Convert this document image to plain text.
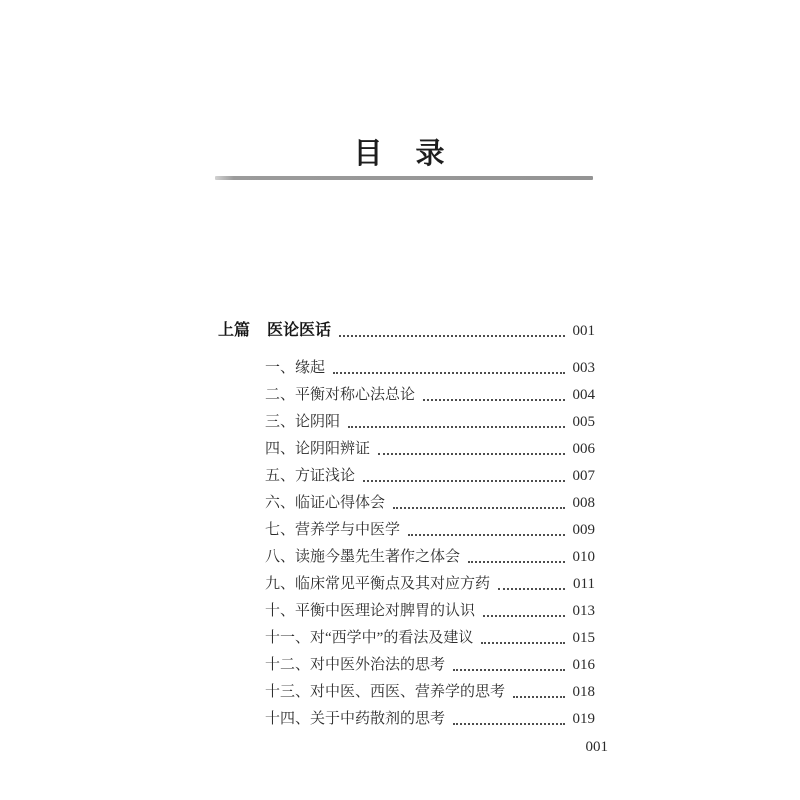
目　录
上篇 医论医话	001
一、缘起	003
二、平衡对称心法总论	004
三、论阴阳	005
四、论阴阳辨证	006
五、方证浅论	007
六、临证心得体会	008
七、营养学与中医学	009
八、读施今墨先生著作之体会	010
九、临床常见平衡点及其对应方药	011
十、平衡中医理论对脾胃的认识	013
十一、对“西学中”的看法及建议	015
十二、对中医外治法的思考	016
十三、对中医、西医、营养学的思考	018
十四、关于中药散剂的思考	019
001
